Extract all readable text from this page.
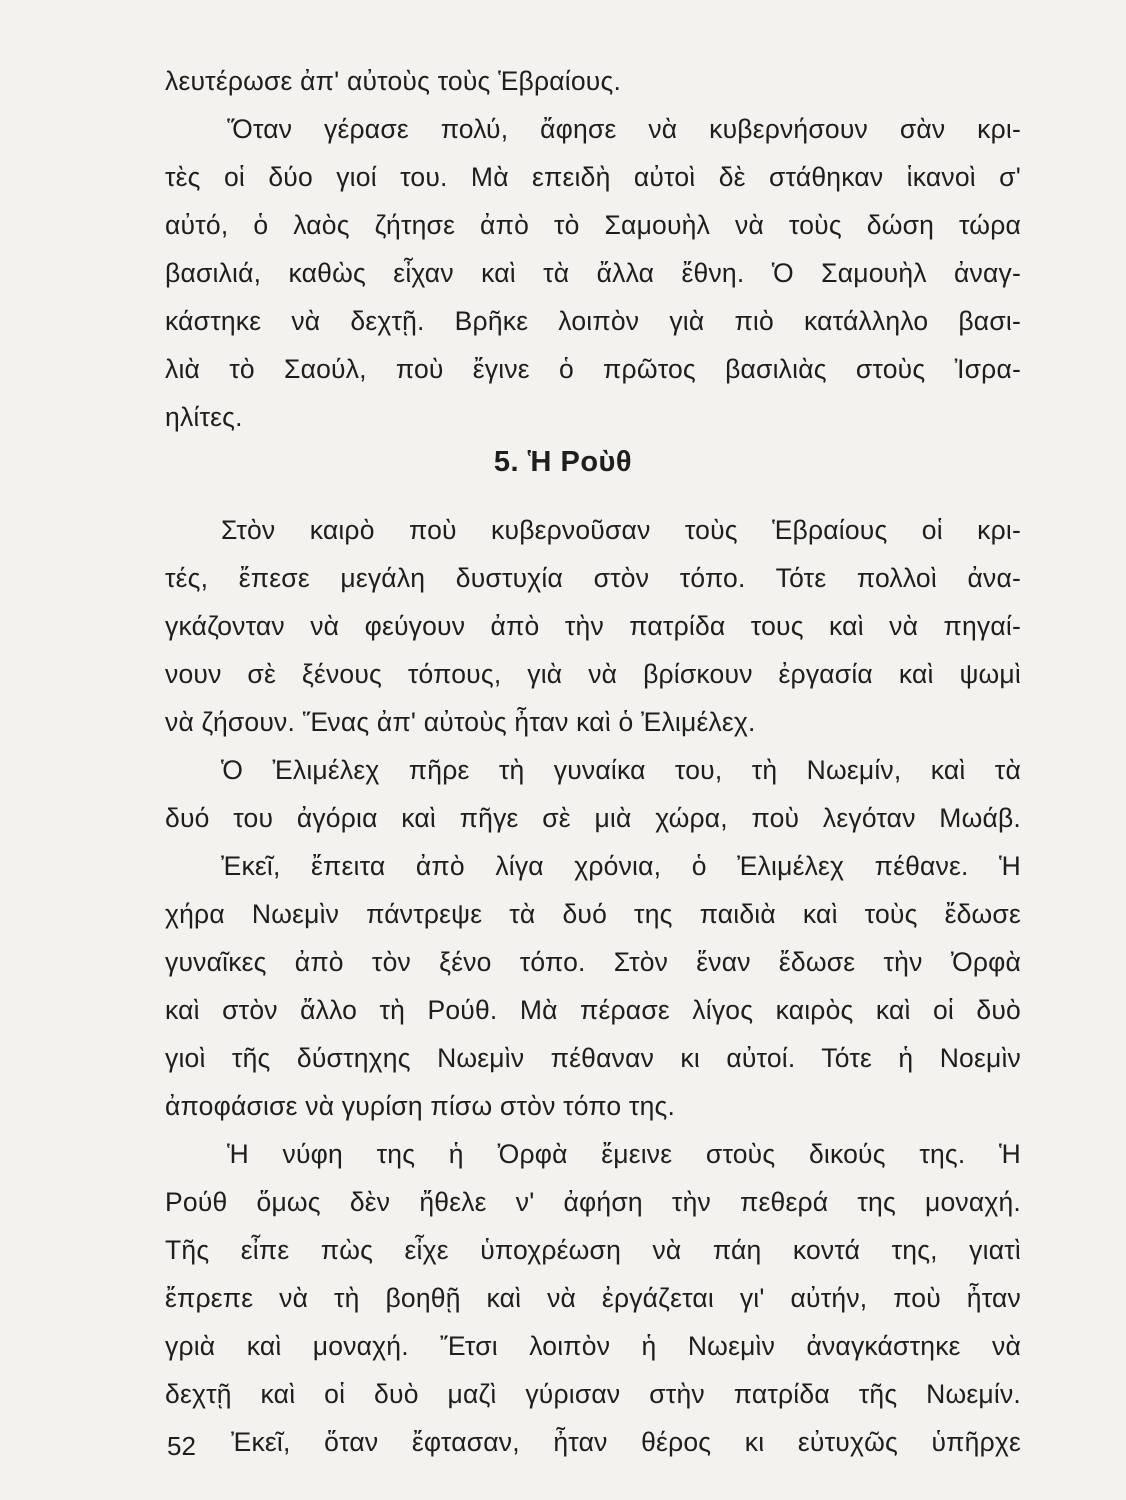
λευτέρωσε ἀπ' αὐτοὺς τοὺς Ἑβραίους.
Ὅταν γέρασε πολύ, ἄφησε νὰ κυβερνήσουν σὰν κρι-
τὲς οἱ δύο γιοί του. Μὰ επειδὴ αὐτοὶ δὲ στάθηκαν ἱκανοὶ σ'
αὐτό, ὁ λαὸς ζήτησε ἀπὸ τὸ Σαμουὴλ νὰ τοὺς δώση τώρα
βασιλιά, καθὼς εἶχαν καὶ τὰ ἄλλα ἔθνη. Ὁ Σαμουὴλ ἀναγ-
κάστηκε νὰ δεχτῇ. Βρῆκε λοιπὸν γιὰ πιὸ κατάλληλο βασι-
λιὰ τὸ Σαούλ, ποὺ ἔγινε ὁ πρῶτος βασιλιὰς στοὺς Ἰσρα-
ηλίτες.
5. Ἡ Ροὺθ
Στὸν καιρὸ ποὺ κυβερνοῦσαν τοὺς Ἑβραίους οἱ κρι-
τές, ἔπεσε μεγάλη δυστυχία στὸν τόπο. Τότε πολλοὶ ἀνα-
γκάζονταν νὰ φεύγουν ἀπὸ τὴν πατρίδα τους καὶ νὰ πηγαί-
νουν σὲ ξένους τόπους, γιὰ νὰ βρίσκουν ἐργασία καὶ ψωμὶ
νὰ ζήσουν. Ἕνας ἀπ' αὐτοὺς ἦταν καὶ ὁ Ἐλιμέλεχ.
Ὁ Ἐλιμέλεχ πῆρε τὴ γυναίκα του, τὴ Νωεμίν, καὶ τὰ
δυό του ἀγόρια καὶ πῆγε σὲ μιὰ χώρα, ποὺ λεγόταν Μωάβ.
Ἐκεῖ, ἔπειτα ἀπὸ λίγα χρόνια, ὁ Ἐλιμέλεχ πέθανε. Ἡ
χήρα Νωεμὶν πάντρεψε τὰ δυό της παιδιὰ καὶ τοὺς ἔδωσε
γυναῖκες ἀπὸ τὸν ξένο τόπο. Στὸν ἕναν ἔδωσε τὴν Ὀρφὰ
καὶ στὸν ἄλλο τὴ Ρούθ. Μὰ πέρασε λίγος καιρὸς καὶ οἱ δυὸ
γιοὶ τῆς δύστηχης Νωεμὶν πέθαναν κι αὐτοί. Τότε ἡ Νοεμὶν
ἀποφάσισε νὰ γυρίση πίσω στὸν τόπο της.
Ἡ νύφη της ἡ Ὀρφὰ ἔμεινε στοὺς δικούς της. Ἡ
Ρούθ ὅμως δὲν ἤθελε ν' ἀφήση τὴν πεθερά της μοναχή.
Τῆς εἶπε πὼς εἶχε ὑποχρέωση νὰ πάη κοντά της, γιατὶ
ἔπρεπε νὰ τὴ βοηθῇ καὶ νὰ ἐργάζεται γι' αὐτήν, ποὺ ἦταν
γριὰ καὶ μοναχή. Ἔτσι λοιπὸν ἡ Νωεμὶν ἀναγκάστηκε νὰ
δεχτῇ καὶ οἱ δυὸ μαζὶ γύρισαν στὴν πατρίδα τῆς Νωεμίν.
Ἐκεῖ, ὅταν ἔφτασαν, ἦταν θέρος κι εὐτυχῶς ὑπῆρχε
52
